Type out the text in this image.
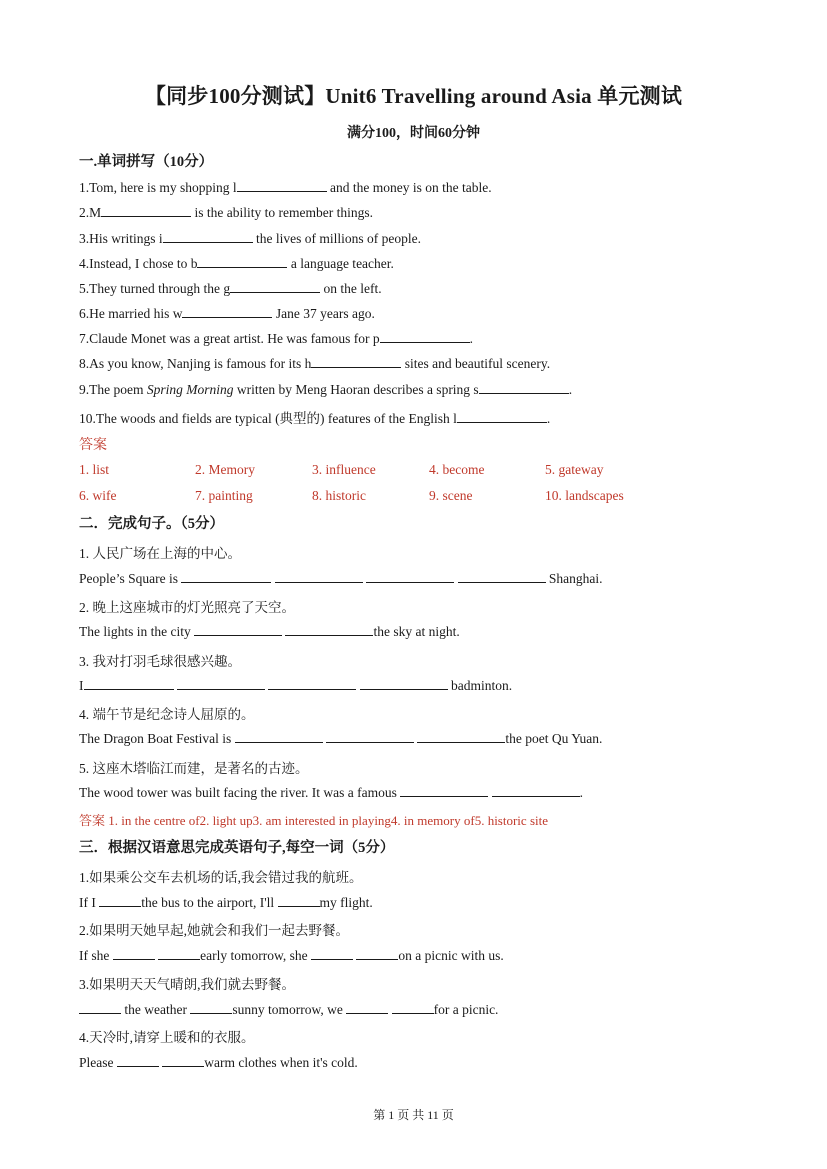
【同步100分测试】Unit6 Travelling around Asia 单元测试
满分100，时间60分钟
一.单词拼写（10分）
1.Tom, here is my shopping l	and the money is on the table.
2.M	is the ability to remember things.
3.His writings i	the lives of millions of people.
4.Instead, I chose to b	a language teacher.
5.They turned through the g	on the left.
6.He married his w	Jane 37 years ago.
7.Claude Monet was a great artist. He was famous for p	.
8.As you know, Nanjing is famous for its h	sites and beautiful scenery.
9.The poem Spring Morning written by Meng Haoran describes a spring s	.
10.The woods and fields are typical (典型的) features of the English l	.
答案
1. list	2. Memory	3. influence	4. become	5. gateway
6. wife	7. painting	8. historic	9. scene	10. landscapes
二．完成句子。（5分）
1. 人民广场在上海的中心。
People’s Square is	Shanghai.
2. 晚上这座城市的灯光照亮了天空。
The lights in the city	the sky at night.
3. 我对打羽毛球很感兴趣。
I	badminton.
4. 端午节是纪念诗人屈原的。
The Dragon Boat Festival is	the poet Qu Yuan.
5. 这座木塔临江而建，是著名的古迹。
The wood tower was built facing the river. It was a famous	.
答案 1. in the centre of2. light up3. am interested in playing4. in memory of5. historic site
三．根据汉语意思完成英语句子,每空一词（5分）
1.如果乘公交车去机场的话,我会错过我的航班。
If I	the bus to the airport, I'll	my flight.
2.如果明天她早起,她就会和我们一起去野餐。
If she	early tomorrow, she	on a picnic with us.
3.如果明天天气晴朗,我们就去野餐。
the weather	sunny tomorrow, we	for a picnic.
4.天冷时,请穿上暖和的衣服。
Please	warm clothes when it's cold.
第 1 页 共 11 页
